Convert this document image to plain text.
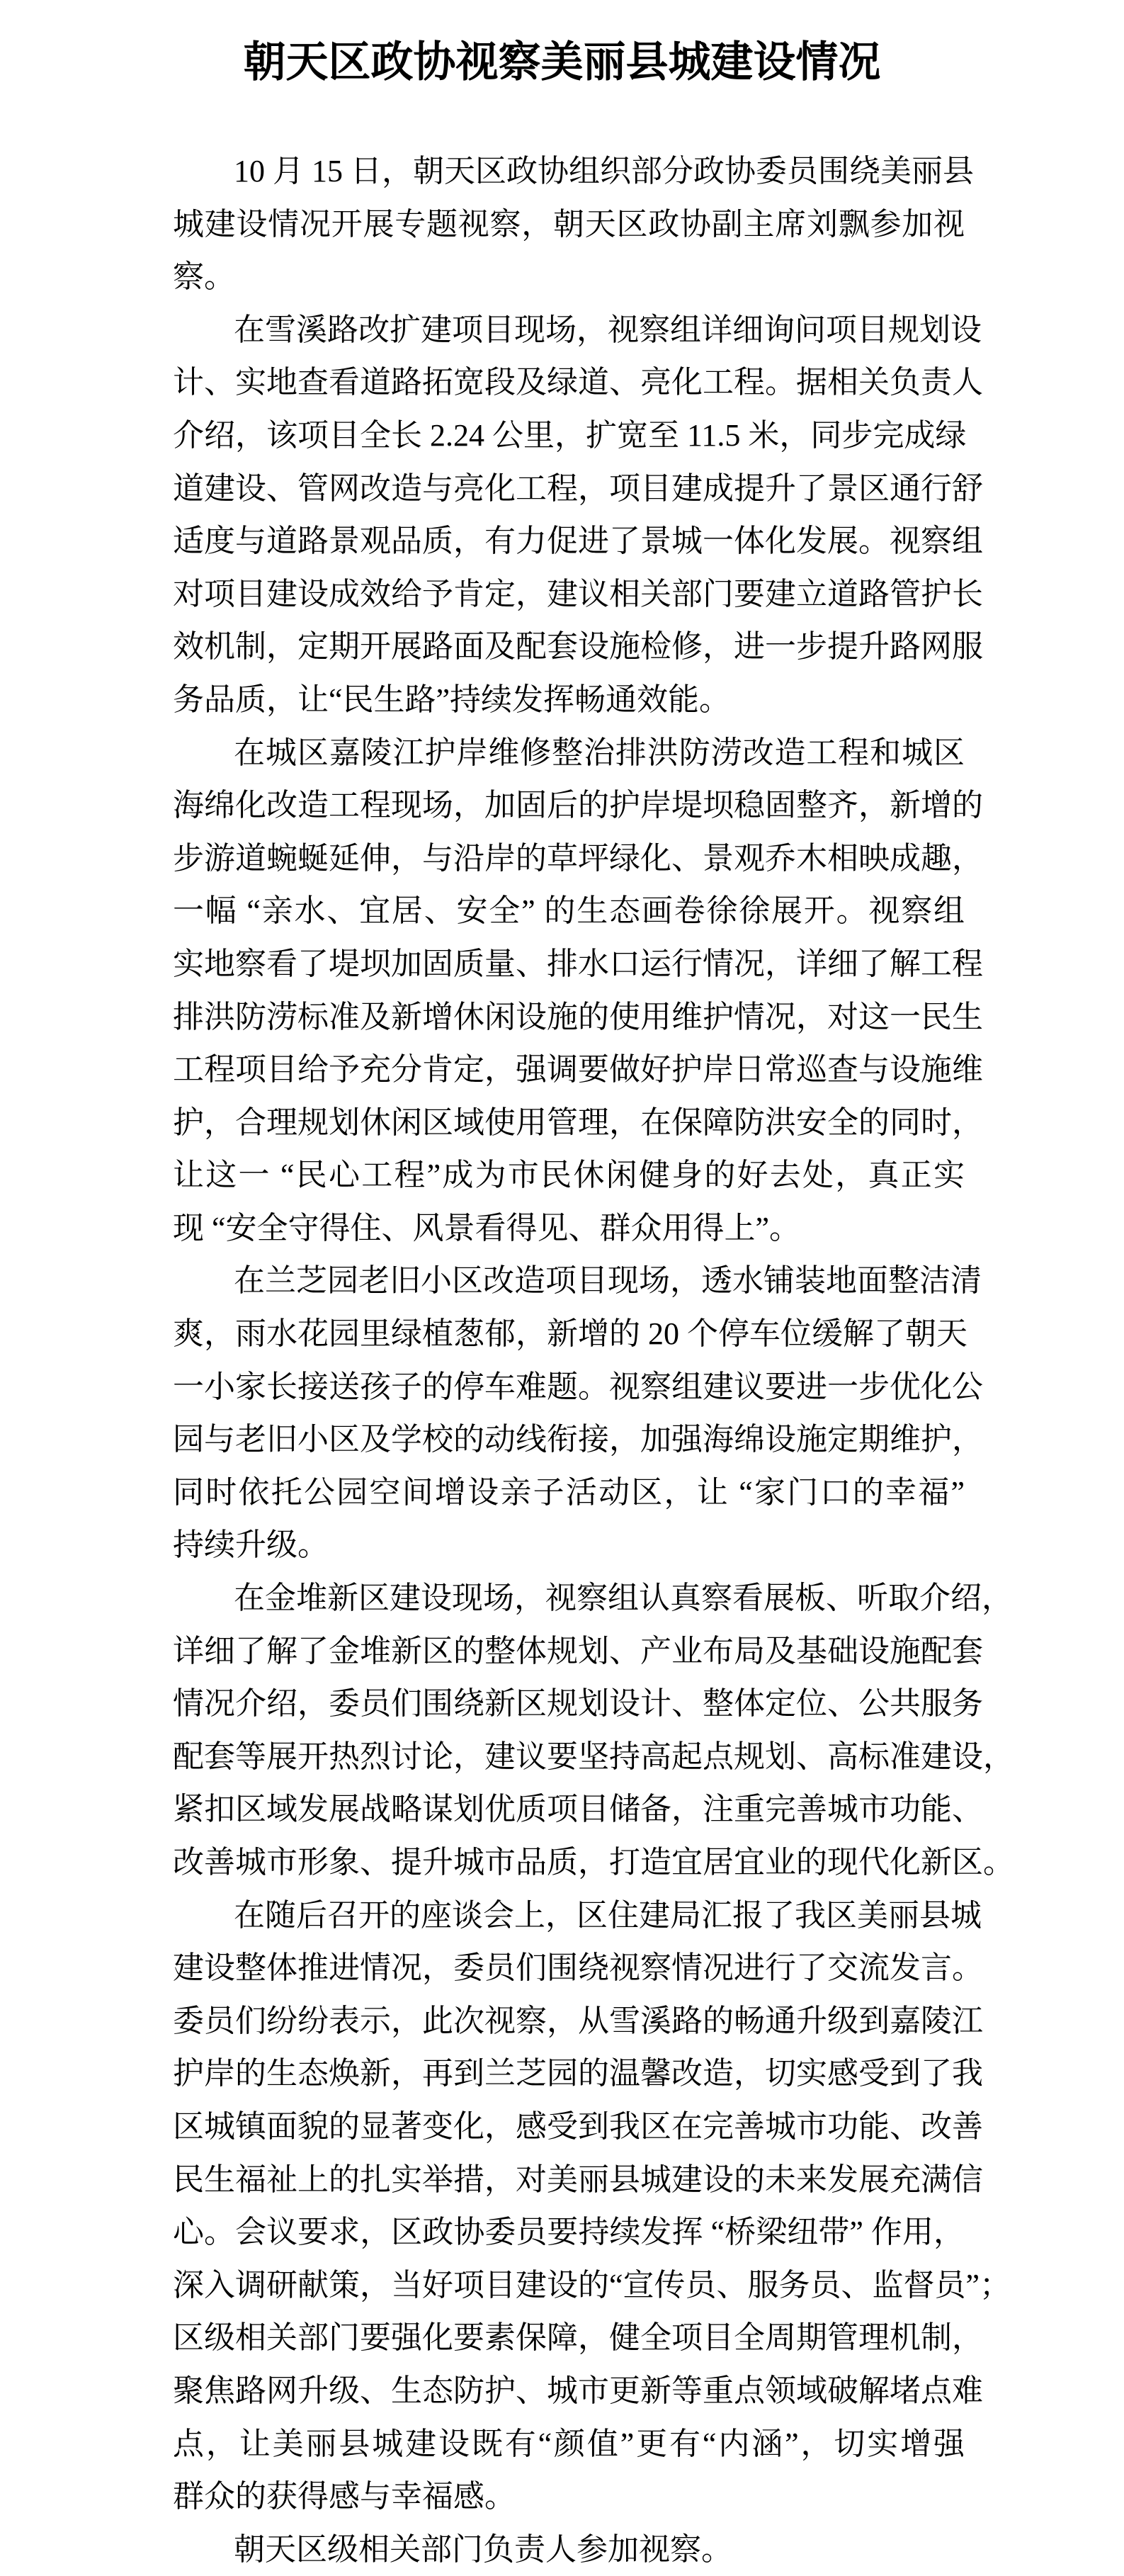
朝天区政协视察美丽县城建设情况
10 月 15 日，朝天区政协组织部分政协委员围绕美丽县
城建设情况开展专题视察，朝天区政协副主席刘飘参加视
察。
在雪溪路改扩建项目现场，视察组详细询问项目规划设
计、实地查看道路拓宽段及绿道、亮化工程。据相关负责人
介绍，该项目全长 2.24 公里，扩宽至 11.5 米，同步完成绿
道建设、管网改造与亮化工程，项目建成提升了景区通行舒
适度与道路景观品质，有力促进了景城一体化发展。视察组
对项目建设成效给予肯定，建议相关部门要建立道路管护长
效机制，定期开展路面及配套设施检修，进一步提升路网服
务品质，让“民生路”持续发挥畅通效能。
在城区嘉陵江护岸维修整治排洪防涝改造工程和城区
海绵化改造工程现场，加固后的护岸堤坝稳固整齐，新增的
步游道蜿蜒延伸，与沿岸的草坪绿化、景观乔木相映成趣，
一幅 “亲水、宜居、安全” 的生态画卷徐徐展开。视察组
实地察看了堤坝加固质量、排水口运行情况，详细了解工程
排洪防涝标准及新增休闲设施的使用维护情况，对这一民生
工程项目给予充分肯定，强调要做好护岸日常巡查与设施维
护，合理规划休闲区域使用管理，在保障防洪安全的同时，
让这一 “民心工程”成为市民休闲健身的好去处，真正实
现 “安全守得住、风景看得见、群众用得上”。
在兰芝园老旧小区改造项目现场，透水铺装地面整洁清
爽，雨水花园里绿植葱郁，新增的 20 个停车位缓解了朝天
一小家长接送孩子的停车难题。视察组建议要进一步优化公
园与老旧小区及学校的动线衔接，加强海绵设施定期维护，
同时依托公园空间增设亲子活动区，让 “家门口的幸福”
持续升级。
在金堆新区建设现场，视察组认真察看展板、听取介绍，
详细了解了金堆新区的整体规划、产业布局及基础设施配套
情况介绍，委员们围绕新区规划设计、整体定位、公共服务
配套等展开热烈讨论，建议要坚持高起点规划、高标准建设，
紧扣区域发展战略谋划优质项目储备，注重完善城市功能、
改善城市形象、提升城市品质，打造宜居宜业的现代化新区。
在随后召开的座谈会上，区住建局汇报了我区美丽县城
建设整体推进情况，委员们围绕视察情况进行了交流发言。
委员们纷纷表示，此次视察，从雪溪路的畅通升级到嘉陵江
护岸的生态焕新，再到兰芝园的温馨改造，切实感受到了我
区城镇面貌的显著变化，感受到我区在完善城市功能、改善
民生福祉上的扎实举措，对美丽县城建设的未来发展充满信
心。会议要求，区政协委员要持续发挥 “桥梁纽带” 作用，
深入调研献策，当好项目建设的“宣传员、服务员、监督员”；
区级相关部门要强化要素保障，健全项目全周期管理机制，
聚焦路网升级、生态防护、城市更新等重点领域破解堵点难
点，让美丽县城建设既有“颜值”更有“内涵”，切实增强
群众的获得感与幸福感。
朝天区级相关部门负责人参加视察。
